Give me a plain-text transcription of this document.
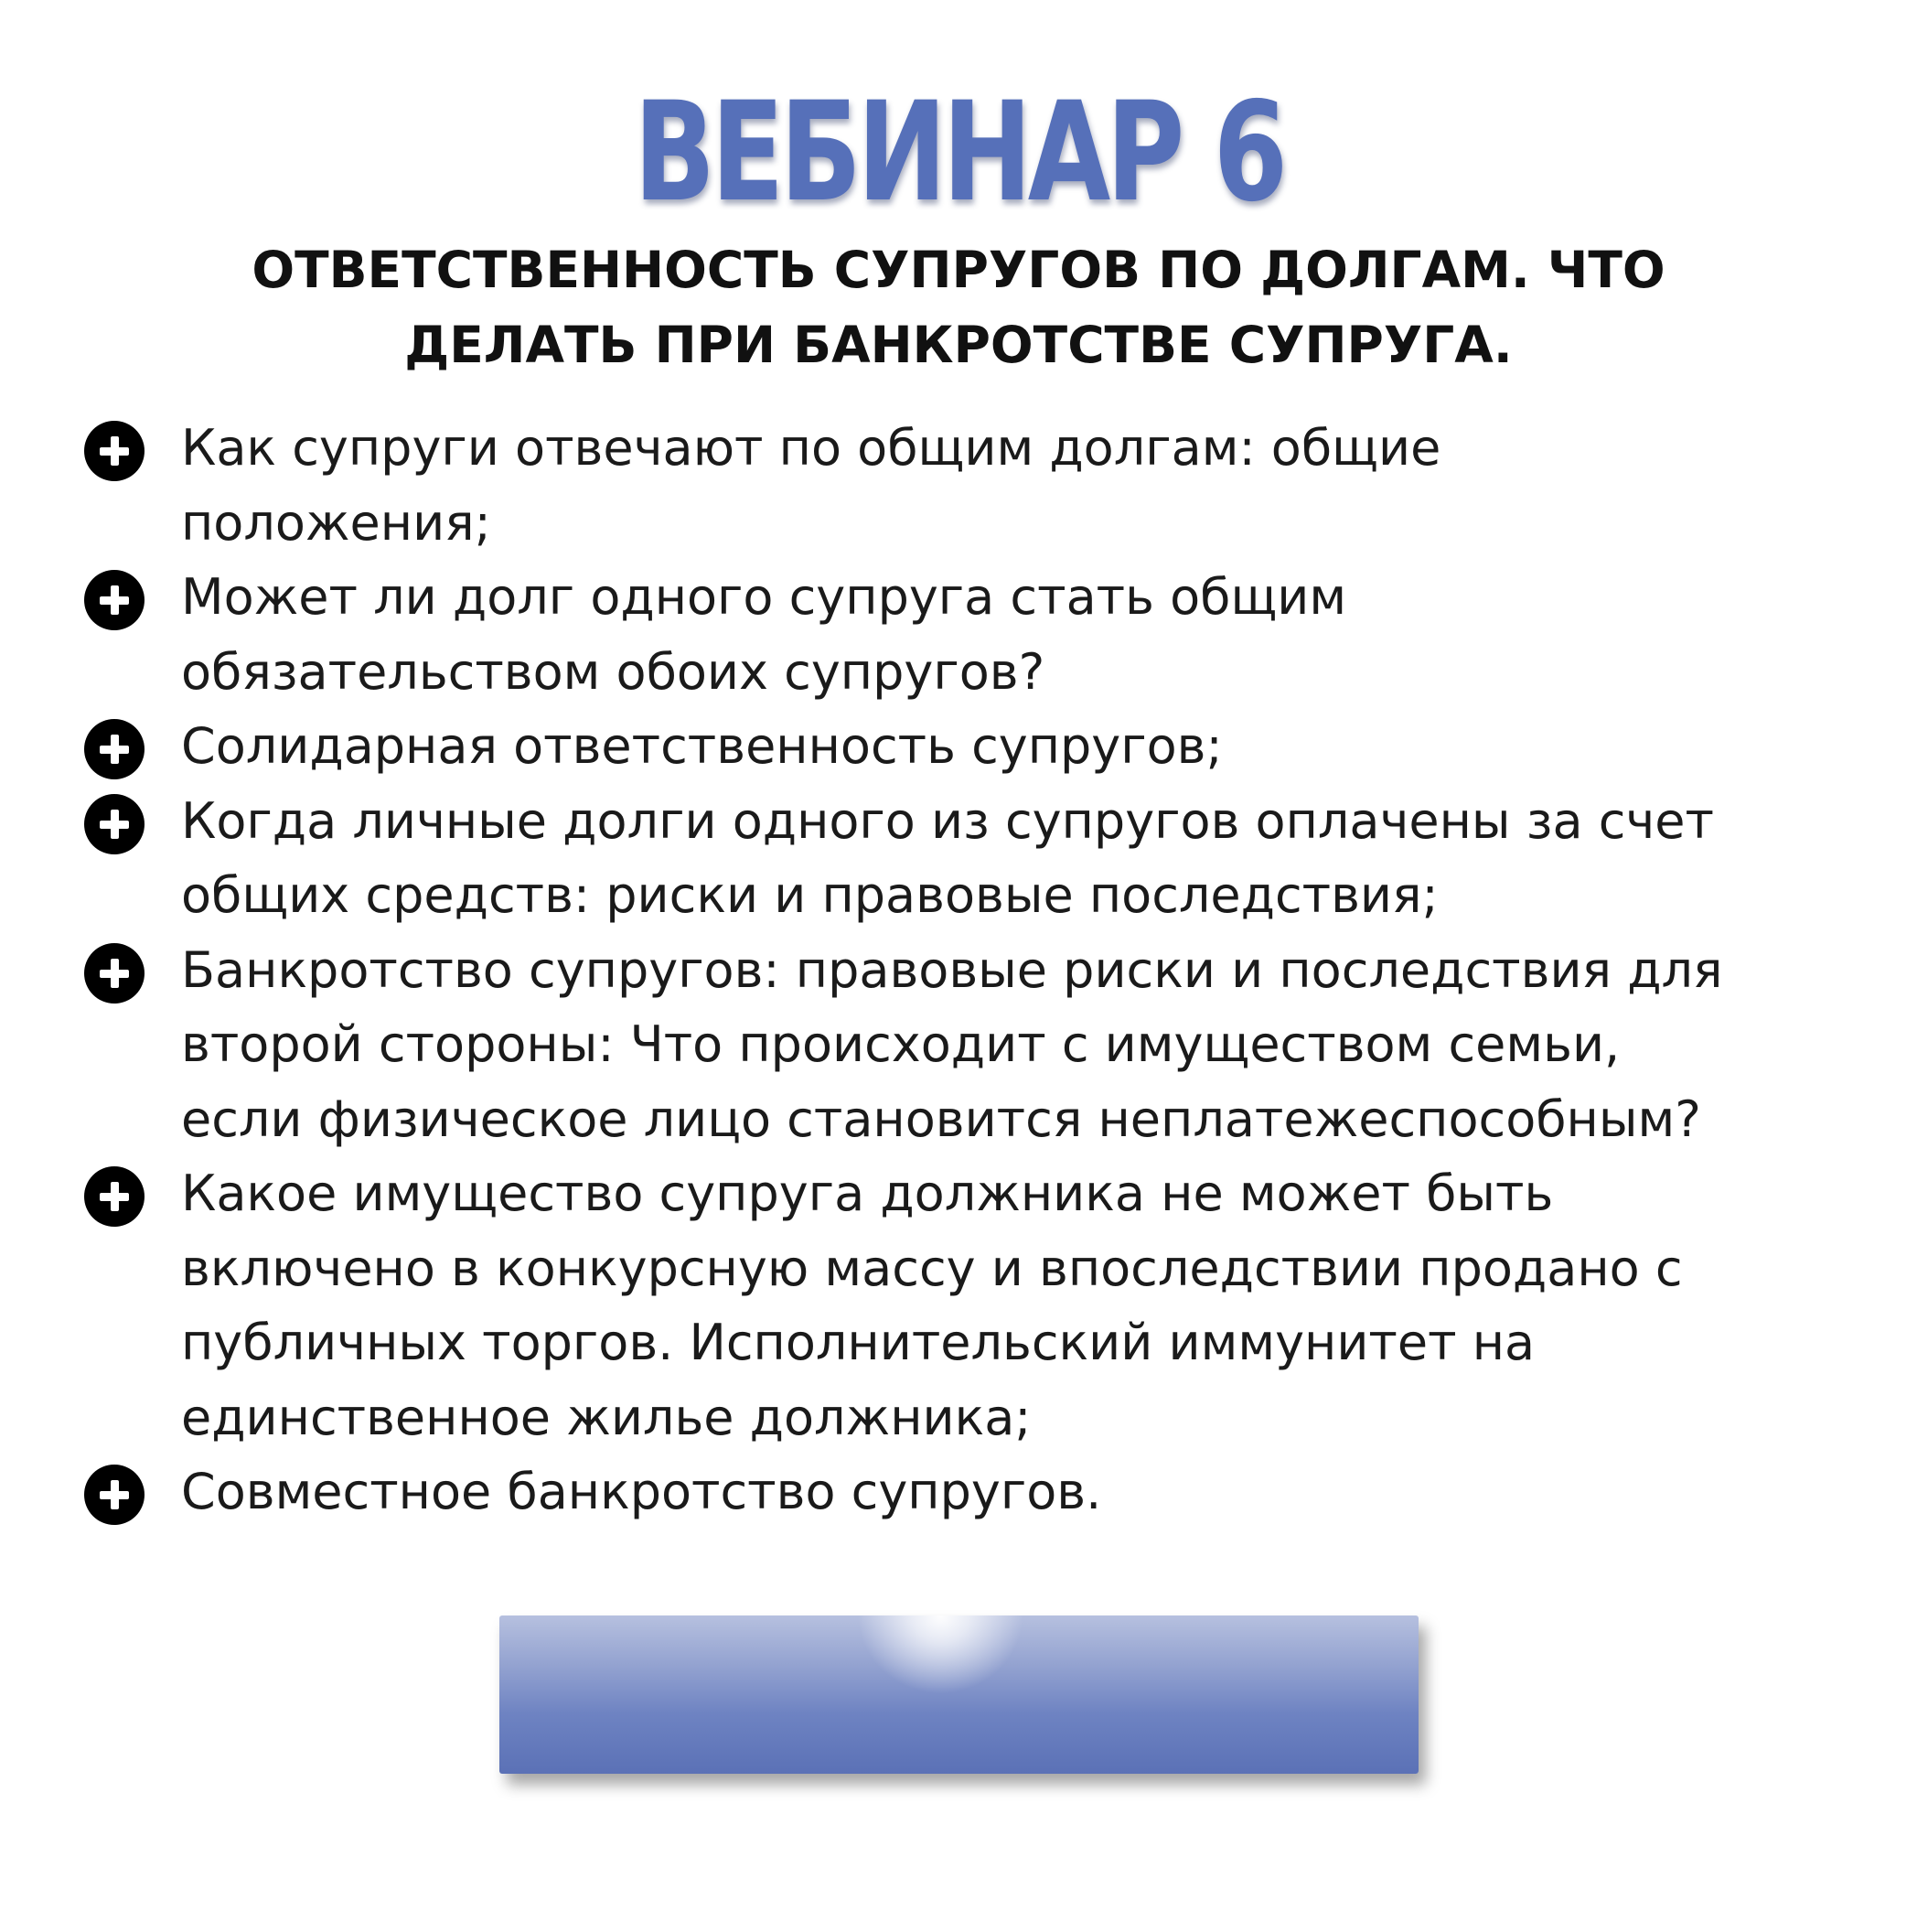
ВЕБИНАР 6
ОТВЕТСТВЕННОСТЬ СУПРУГОВ ПО ДОЛГАМ. ЧТО
ДЕЛАТЬ ПРИ БАНКРОТСТВЕ СУПРУГА.
Как супруги отвечают по общим долгам: общие
положения;
Может ли долг одного супруга стать общим
обязательством обоих супругов?
Солидарная ответственность супругов;
Когда личные долги одного из супругов оплачены за счет
общих средств: риски и правовые последствия;
Банкротство супругов: правовые риски и последствия для
второй стороны: Что происходит с имуществом семьи,
если физическое лицо становится неплатежеспособным?
Какое имущество супруга должника не может быть
включено в конкурсную массу и впоследствии продано с
публичных торгов. Исполнительский иммунитет на
единственное жилье должника;
Совместное банкротство супругов.
